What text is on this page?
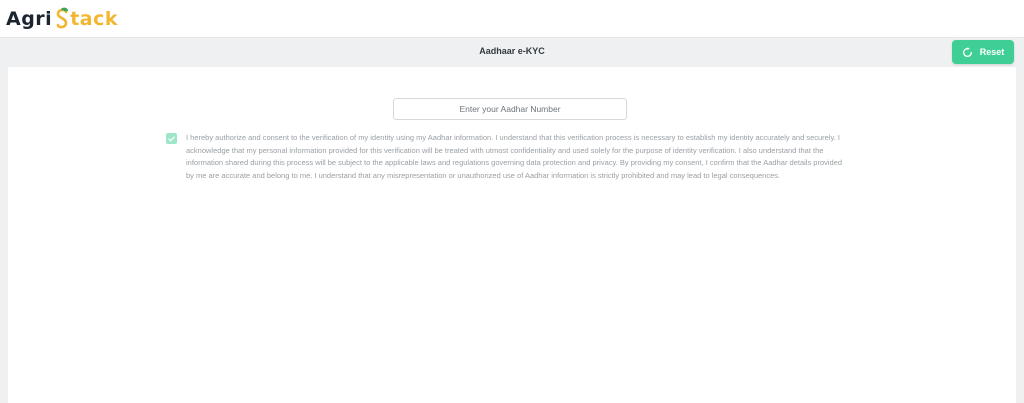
Agri tack
Aadhaar e-KYC	Reset
Enter your Aadhar Number

I hereby authorize and consent to the verification of my identity using my Aadhar information. I understand that this verification process is necessary to establish my identity accurately and securely. I acknowledge that my personal information provided for this verification will be treated with utmost confidentiality and used solely for the purpose of identity verification. I also understand that the information shared during this process will be subject to the applicable laws and regulations governing data protection and privacy. By providing my consent, I confirm that the Aadhar details provided by me are accurate and belong to me. I understand that any misrepresentation or unauthorized use of Aadhar information is strictly prohibited and may lead to legal consequences.
